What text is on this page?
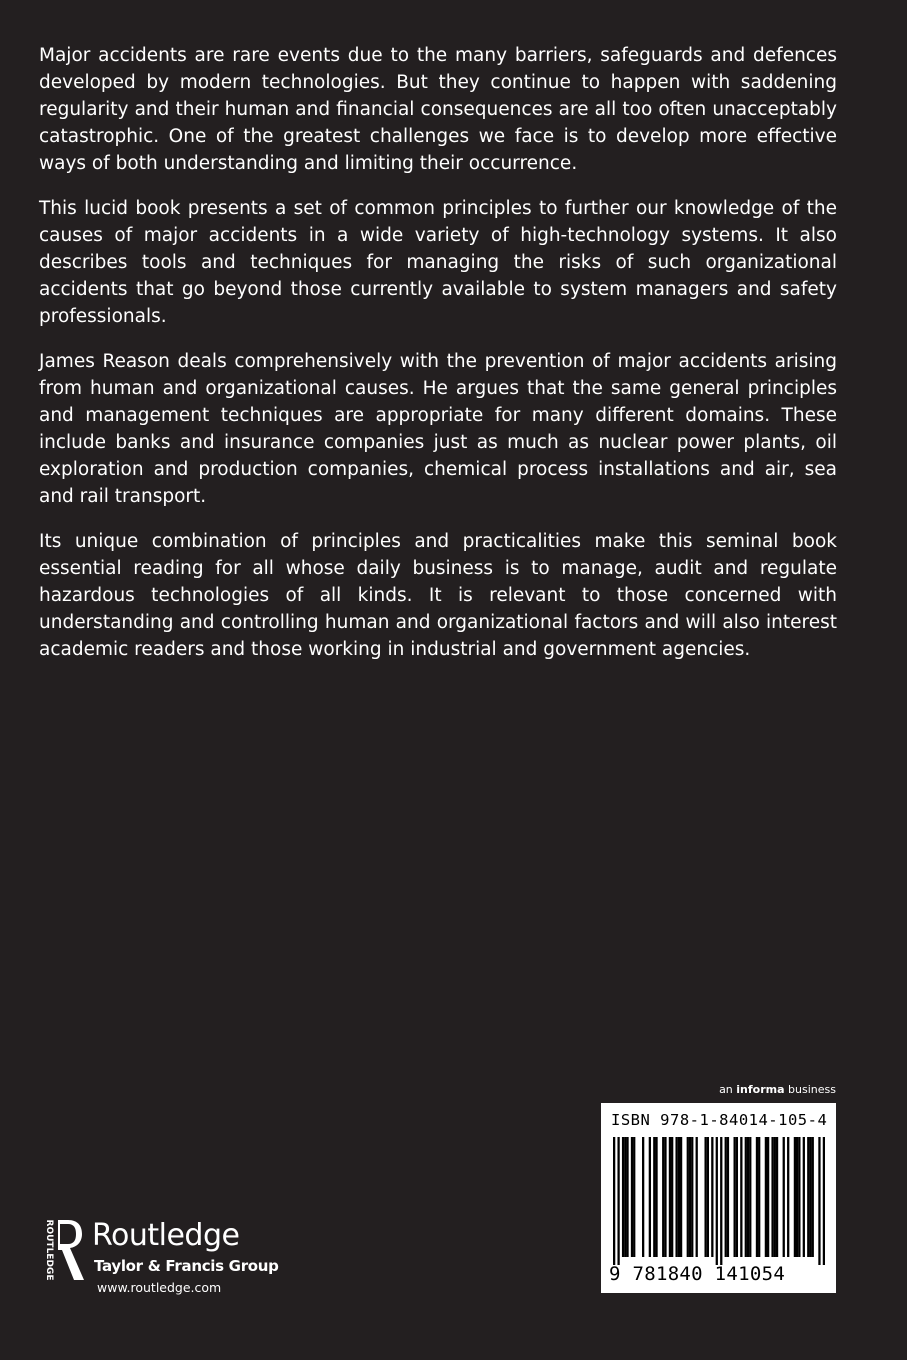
Major accidents are rare events due to the many barriers, safeguards and defences developed by modern technologies. But they continue to happen with saddening regularity and their human and financial consequences are all too often unacceptably catastrophic. One of the greatest challenges we face is to develop more effective ways of both understanding and limiting their occurrence.

This lucid book presents a set of common principles to further our knowledge of the causes of major accidents in a wide variety of high-technology systems. It also describes tools and techniques for managing the risks of such organizational accidents that go beyond those currently available to system managers and safety professionals.

James Reason deals comprehensively with the prevention of major accidents arising from human and organizational causes. He argues that the same general principles and management techniques are appropriate for many different domains. These include banks and insurance companies just as much as nuclear power plants, oil exploration and production companies, chemical process installations and air, sea and rail transport.

Its unique combination of principles and practicalities make this seminal book essential reading for all whose daily business is to manage, audit and regulate hazardous technologies of all kinds. It is relevant to those concerned with understanding and controlling human and organizational factors and will also interest academic readers and those working in industrial and government agencies.

an informa business
ISBN 978-1-84014-105-4
9 781840 141054
ROUTLEDGE Routledge
Taylor & Francis Group
www.routledge.com
